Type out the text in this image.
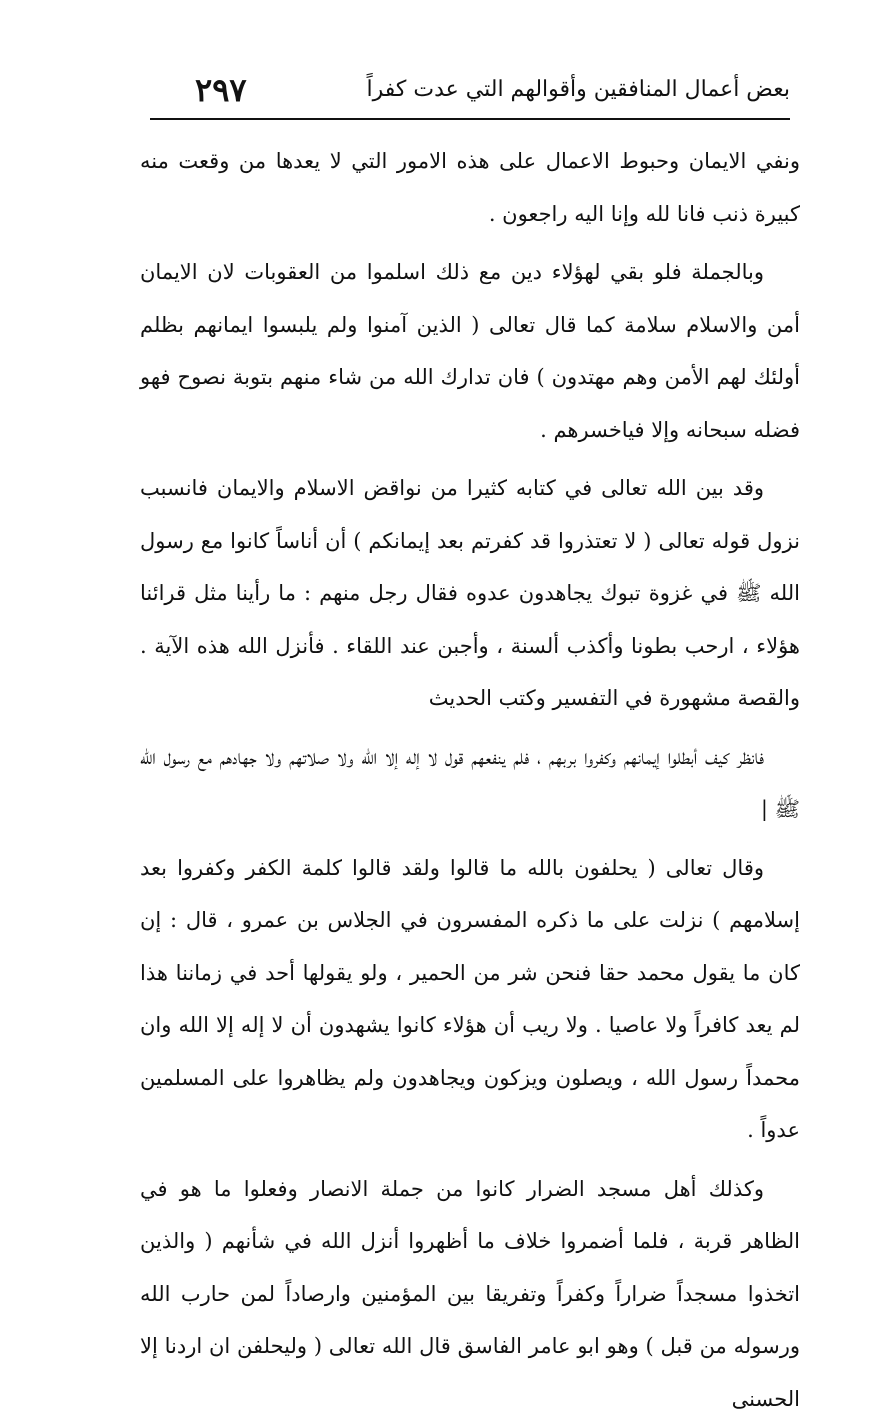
بعض أعمال المنافقين وأقوالهم التي عدت كفراً
٢٩٧

ونفي الايمان وحبوط الاعمال على هذه الامور التي لا يعدها من وقعت منه كبيرة ذنب فانا لله وإنا اليه راجعون .

وبالجملة فلو بقي لهؤلاء دين مع ذلك اسلموا من العقوبات لان الايمان أمن والاسلام سلامة كما قال تعالى ( الذين آمنوا ولم يلبسوا ايمانهم بظلم أولئك لهم الأمن وهم مهتدون ) فان تدارك الله من شاء منهم بتوبة نصوح فهو فضله سبحانه وإلا فياخسرهم .

وقد بين الله تعالى في كتابه كثيرا من نواقض الاسلام والايمان فانسبب نزول قوله تعالى ( لا تعتذروا قد كفرتم بعد إيمانكم ) أن أناساً كانوا مع رسول الله ﷺ في غزوة تبوك يجاهدون عدوه فقال رجل منهم : ما رأينا مثل قرائنا هؤلاء ، ارحب بطونا وأكذب ألسنة ، وأجبن عند اللقاء . فأنزل الله هذه الآية . والقصة مشهورة في التفسير وكتب الحديث

فانظر كيف أبطلوا إيمانهم وكفروا بربهم ، فلم ينفعهم قول لا إله إلا الله ولا صلاتهم ولا جهادهم مع رسول الله ﷺ |

وقال تعالى ( يحلفون بالله ما قالوا ولقد قالوا كلمة الكفر وكفروا بعد إسلامهم ) نزلت على ما ذكره المفسرون في الجلاس بن عمرو ، قال : إن كان ما يقول محمد حقا فنحن شر من الحمير ، ولو يقولها أحد في زماننا هذا لم يعد كافراً ولا عاصيا . ولا ريب أن هؤلاء كانوا يشهدون أن لا إله إلا الله وان محمداً رسول الله ، ويصلون ويزكون ويجاهدون ولم يظاهروا على المسلمين عدواً .

وكذلك أهل مسجد الضرار كانوا من جملة الانصار وفعلوا ما هو في الظاهر قربة ، فلما أضمروا خلاف ما أظهروا أنزل الله في شأنهم ( والذين اتخذوا مسجداً ضراراً وكفراً وتفريقا بين المؤمنين وارصاداً لمن حارب الله ورسوله من قبل ) وهو ابو عامر الفاسق قال الله تعالى ( وليحلفن ان اردنا إلا الحسنى
